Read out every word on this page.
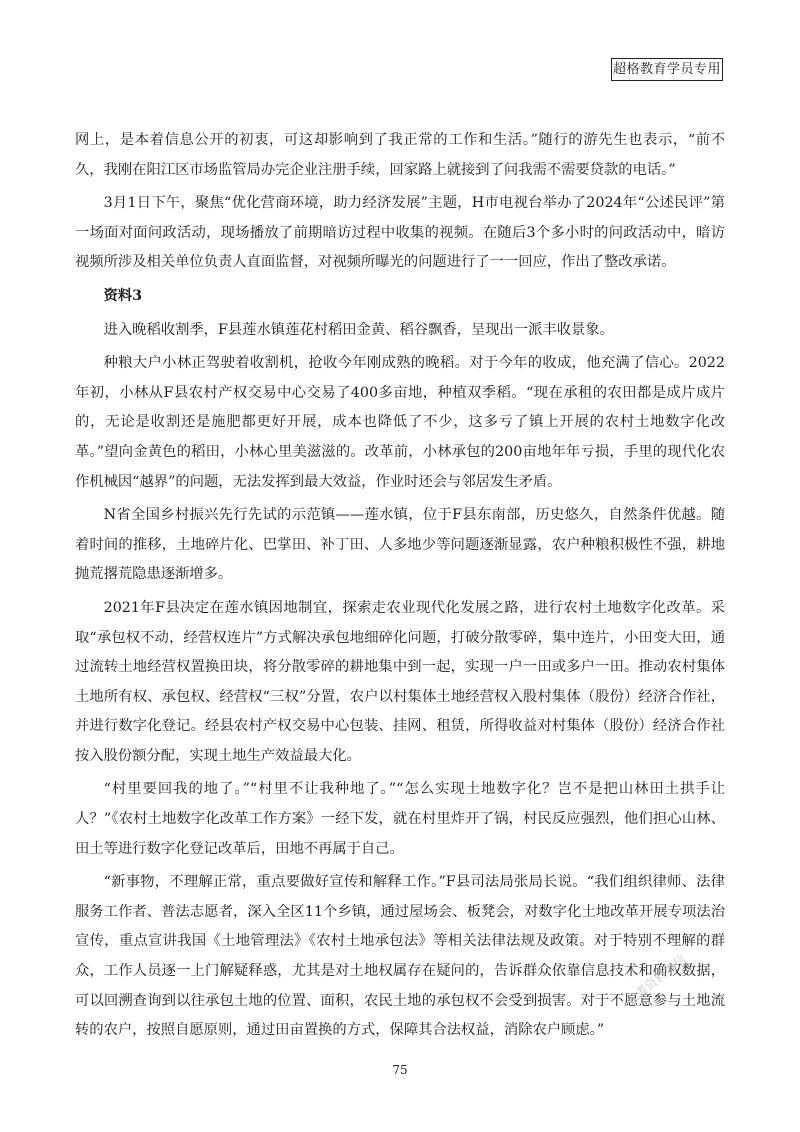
超格教育学员专用

网上，是本着信息公开的初衷，可这却影响到了我正常的工作和生活。”随行的游先生也表示，“前不久，我刚在阳江区市场监管局办完企业注册手续，回家路上就接到了问我需不需要贷款的电话。”

3月1日下午，聚焦“优化营商环境，助力经济发展”主题，H市电视台举办了2024年“公述民评”第一场面对面问政活动，现场播放了前期暗访过程中收集的视频。在随后3个多小时的问政活动中，暗访视频所涉及相关单位负责人直面监督，对视频所曝光的问题进行了一一回应，作出了整改承诺。

资料3

进入晚稻收割季，F县莲水镇莲花村稻田金黄、稻谷飘香，呈现出一派丰收景象。

种粮大户小林正驾驶着收割机，抢收今年刚成熟的晚稻。对于今年的收成，他充满了信心。2022年初，小林从F县农村产权交易中心交易了400多亩地，种植双季稻。“现在承租的农田都是成片成片的，无论是收割还是施肥都更好开展，成本也降低了不少，这多亏了镇上开展的农村土地数字化改革。”望向金黄色的稻田，小林心里美滋滋的。改革前，小林承包的200亩地年年亏损，手里的现代化农作机械因“越界”的问题，无法发挥到最大效益，作业时还会与邻居发生矛盾。

N省全国乡村振兴先行先试的示范镇——莲水镇，位于F县东南部，历史悠久，自然条件优越。随着时间的推移，土地碎片化、巴掌田、补丁田、人多地少等问题逐渐显露，农户种粮积极性不强，耕地抛荒撂荒隐患逐渐增多。

2021年F县决定在莲水镇因地制宜，探索走农业现代化发展之路，进行农村土地数字化改革。采取“承包权不动，经营权连片”方式解决承包地细碎化问题，打破分散零碎，集中连片，小田变大田，通过流转土地经营权置换田块，将分散零碎的耕地集中到一起，实现一户一田或多户一田。推动农村集体土地所有权、承包权、经营权“三权”分置，农户以村集体土地经营权入股村集体（股份）经济合作社，并进行数字化登记。经县农村产权交易中心包装、挂网、租赁，所得收益对村集体（股份）经济合作社按入股份额分配，实现土地生产效益最大化。

“村里要回我的地了。”“村里不让我种地了。”“怎么实现土地数字化？岂不是把山林田土拱手让人？”《农村土地数字化改革工作方案》一经下发，就在村里炸开了锅，村民反应强烈，他们担心山林、田土等进行数字化登记改革后，田地不再属于自己。

“新事物，不理解正常，重点要做好宣传和解释工作。”F县司法局张局长说。“我们组织律师、法律服务工作者、普法志愿者，深入全区11个乡镇，通过屋场会、板凳会，对数字化土地改革开展专项法治宣传，重点宣讲我国《土地管理法》《农村土地承包法》等相关法律法规及政策。对于特别不理解的群众，工作人员逐一上门解疑释惑，尤其是对土地权属存在疑问的，告诉群众依靠信息技术和确权数据，可以回溯查询到以往承包土地的位置、面积，农民土地的承包权不会受到损害。对于不愿意参与土地流转的农户，按照自愿原则，通过田亩置换的方式，保障其合法权益，消除农户顾虑。”

公考资料微信
75
